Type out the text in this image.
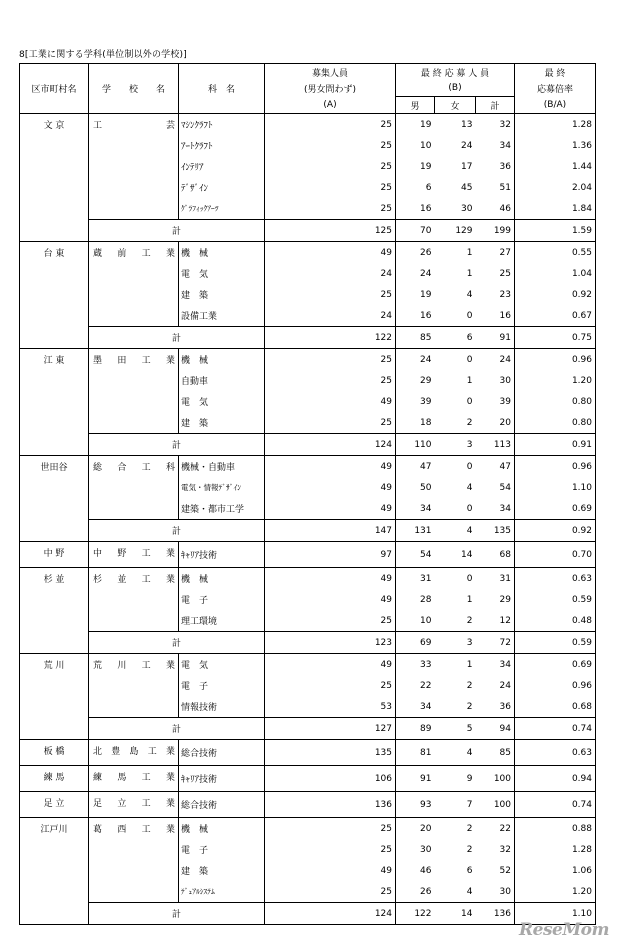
8[工業に関する学科(単位制以外の学校)]
区市町村名	学　　校　　名	科　名	募集人員	最 終 応 募 人 員			最 終
			(男女問わず)	(B)			応募倍率
			(A)	男	女	計	(B/A)
文 京	工芸	ﾏｼﾝｸﾗﾌﾄ	25	19	13	32	1.28
		ｱｰﾄｸﾗﾌﾄ	25	10	24	34	1.36
		ｲﾝﾃﾘｱ	25	19	17	36	1.44
		ﾃﾞｻﾞｲﾝ	25	6	45	51	2.04
		ｸﾞﾗﾌｨｯｸｱｰﾂ	25	16	30	46	1.84
	計		125	70	129	199	1.59
台 東	蔵前工業	機　械	49	26	1	27	0.55
		電　気	24	24	1	25	1.04
		建　築	25	19	4	23	0.92
		設備工業	24	16	0	16	0.67
	計		122	85	6	91	0.75
江 東	墨田工業	機　械	25	24	0	24	0.96
		自動車	25	29	1	30	1.20
		電　気	49	39	0	39	0.80
		建　築	25	18	2	20	0.80
	計		124	110	3	113	0.91
世田谷	総合工科	機械・自動車	49	47	0	47	0.96
		電気・情報ﾃﾞｻﾞｲﾝ	49	50	4	54	1.10
		建築・都市工学	49	34	0	34	0.69
	計		147	131	4	135	0.92
中 野	中野工業	ｷｬﾘｱ技術	97	54	14	68	0.70
杉 並	杉並工業	機　械	49	31	0	31	0.63
		電　子	49	28	1	29	0.59
		理工環境	25	10	2	12	0.48
	計		123	69	3	72	0.59
荒 川	荒川工業	電　気	49	33	1	34	0.69
		電　子	25	22	2	24	0.96
		情報技術	53	34	2	36	0.68
	計		127	89	5	94	0.74
板 橋	北豊島工業	総合技術	135	81	4	85	0.63
練 馬	練馬工業	ｷｬﾘｱ技術	106	91	9	100	0.94
足 立	足立工業	総合技術	136	93	7	100	0.74
江戸川	葛西工業	機　械	25	20	2	22	0.88
		電　子	25	30	2	32	1.28
		建　築	49	46	6	52	1.06
		ﾃﾞｭｱﾙｼｽﾃﾑ	25	26	4	30	1.20
	計		124	122	14	136	1.10
ReseMom
